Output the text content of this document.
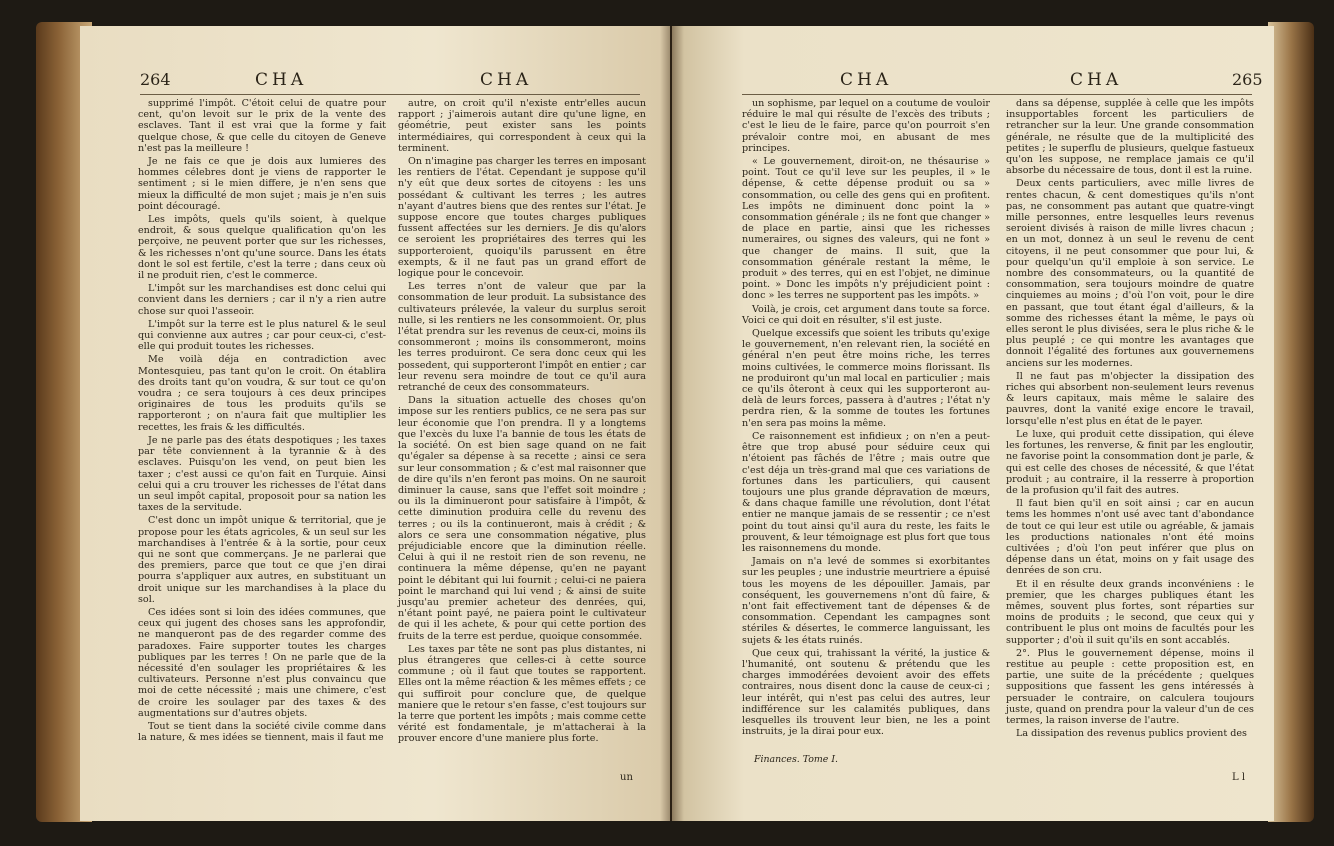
264	CHA	CHA

supprimé l'impôt. C'étoit celui de quatre pour cent, qu'on levoit sur le prix de la vente des esclaves. Tant il est vrai que la forme y fait quelque chose, & que celle du citoyen de Geneve n'est pas la meilleure !

Je ne fais ce que je dois aux lumieres des hommes célebres dont je viens de rapporter le sentiment ; si le mien differe, je n'en sens que mieux la difficulté de mon sujet ; mais je n'en suis point découragé.

Les impôts, quels qu'ils soient, à quelque endroit, & sous quelque qualification qu'on les perçoive, ne peuvent porter que sur les richesses, & les richesses n'ont qu'une source. Dans les états dont le sol est fertile, c'est la terre ; dans ceux où il ne produit rien, c'est le commerce.

L'impôt sur les marchandises est donc celui qui convient dans les derniers ; car il n'y a rien autre chose sur quoi l'asseoir.

L'impôt sur la terre est le plus naturel & le seul qui convienne aux autres ; car pour ceux-ci, c'est-elle qui produit toutes les richesses.

Me voilà déja en contradiction avec Montesquieu, pas tant qu'on le croit. On établira des droits tant qu'on voudra, & sur tout ce qu'on voudra ; ce sera toujours à ces deux principes originaires de tous les produits qu'ils se rapporteront ; on n'aura fait que multiplier les recettes, les frais & les difficultés.

Je ne parle pas des états despotiques ; les taxes par tête conviennent à la tyrannie & à des esclaves. Puisqu'on les vend, on peut bien les taxer ; c'est aussi ce qu'on fait en Turquie. Ainsi celui qui a cru trouver les richesses de l'état dans un seul impôt capital, proposoit pour sa nation les taxes de la servitude.

C'est donc un impôt unique & territorial, que je propose pour les états agricoles, & un seul sur les marchandises à l'entrée & à la sortie, pour ceux qui ne sont que commerçans. Je ne parlerai que des premiers, parce que tout ce que j'en dirai pourra s'appliquer aux autres, en substituant un droit unique sur les marchandises à la place du sol.

Ces idées sont si loin des idées communes, que ceux qui jugent des choses sans les approfondir, ne manqueront pas de des regarder comme des paradoxes. Faire supporter toutes les charges publiques par les terres ! On ne parle que de la nécessité d'en soulager les propriétaires & les cultivateurs. Personne n'est plus convaincu que moi de cette nécessité ; mais une chimere, c'est de croire les soulager par des taxes & des augmentations sur d'autres objets.

Tout se tient dans la société civile comme dans la nature, & mes idées se tiennent, mais il faut me

autre, on croit qu'il n'existe entr'elles aucun rapport ; j'aimerois autant dire qu'une ligne, en géométrie, peut exister sans les points intermédiaires, qui correspondent à ceux qui la terminent.

On n'imagine pas charger les terres en imposant les rentiers de l'état. Cependant je suppose qu'il n'y eût que deux sortes de citoyens : les uns possédant & cultivant les terres ; les autres n'ayant d'autres biens que des rentes sur l'état. Je suppose encore que toutes charges publiques fussent affectées sur les derniers. Je dis qu'alors ce seroient les propriétaires des terres qui les supporteroient, quoiqu'ils parussent en être exempts, & il ne faut pas un grand effort de logique pour le concevoir.

Les terres n'ont de valeur que par la consommation de leur produit. La subsistance des cultivateurs prélevée, la valeur du surplus seroit nulle, si les rentiers ne les consommoient. Or, plus l'état prendra sur les revenus de ceux-ci, moins ils consommeront ; moins ils consommeront, moins les terres produiront. Ce sera donc ceux qui les possedent, qui supporteront l'impôt en entier ; car leur revenu sera moindre de tout ce qu'il aura retranché de ceux des consommateurs.

Dans la situation actuelle des choses qu'on impose sur les rentiers publics, ce ne sera pas sur leur économie que l'on prendra. Il y a longtems que l'excès du luxe l'a bannie de tous les états de la société. On est bien sage quand on ne fait qu'égaler sa dépense à sa recette ; ainsi ce sera sur leur consommation ; & c'est mal raisonner que de dire qu'ils n'en feront pas moins. On ne sauroit diminuer la cause, sans que l'effet soit moindre ; ou ils la diminueront pour satisfaire à l'impôt, & cette diminution produira celle du revenu des terres ; ou ils la continueront, mais à crédit ; & alors ce sera une consommation négative, plus préjudiciable encore que la diminution réelle. Celui à qui il ne restoit rien de son revenu, ne continuera la même dépense, qu'en ne payant point le débitant qui lui fournit ; celui-ci ne paiera point le marchand qui lui vend ; & ainsi de suite jusqu'au premier acheteur des denrées, qui, n'étant point payé, ne paiera point le cultivateur de qui il les achete, & pour qui cette portion des fruits de la terre est perdue, quoique consommée.

Les taxes par tête ne sont pas plus distantes, ni plus étrangeres que celles-ci à cette source commune ; où il faut que toutes se rapportent. Elles ont la même réaction & les mêmes effets ; ce qui suffiroit pour conclure que, de quelque maniere que le retour s'en fasse, c'est toujours sur la terre que portent les impôts ; mais comme cette vérité est fondamentale, je m'attacherai à la prouver encore d'une maniere plus forte.

un
CHA	CHA	265

un sophisme, par lequel on a coutume de vouloir réduire le mal qui résulte de l'excès des tributs ; c'est le lieu de le faire, parce qu'on pourroit s'en prévaloir contre moi, en abusant de mes principes.

« Le gouvernement, diroit-on, ne thésaurise » point. Tout ce qu'il leve sur les peuples, il » le dépense, & cette dépense produit ou sa » consommation, ou celle des gens qui en profitent. Les impôts ne diminuent donc point la » consommation générale ; ils ne font que changer » de place en partie, ainsi que les richesses numeraires, ou signes des valeurs, qui ne font » que changer de mains. Il suit, que la consommation générale restant la même, le produit » des terres, qui en est l'objet, ne diminue point. » Donc les impôts n'y préjudicient point : donc » les terres ne supportent pas les impôts. »

Voilà, je crois, cet argument dans toute sa force. Voici ce qui doit en résulter, s'il est juste.

Quelque excessifs que soient les tributs qu'exige le gouvernement, n'en relevant rien, la société en général n'en peut être moins riche, les terres moins cultivées, le commerce moins florissant. Ils ne produiront qu'un mal local en particulier ; mais ce qu'ils ôteront à ceux qui les supporteront au-delà de leurs forces, passera à d'autres ; l'état n'y perdra rien, & la somme de toutes les fortunes n'en sera pas moins la même.

Ce raisonnement est infidieux ; on n'en a peut-être que trop abusé pour séduire ceux qui n'étoient pas fâchés de l'être ; mais outre que c'est déja un très-grand mal que ces variations de fortunes dans les particuliers, qui causent toujours une plus grande dépravation de mœurs, & dans chaque famille une révolution, dont l'état entier ne manque jamais de se ressentir ; ce n'est point du tout ainsi qu'il aura du reste, les faits le prouvent, & leur témoignage est plus fort que tous les raisonnemens du monde.

Jamais on n'a levé de sommes si exorbitantes sur les peuples ; une industrie meurtriere a épuisé tous les moyens de les dépouiller. Jamais, par conséquent, les gouvernemens n'ont dû faire, & n'ont fait effectivement tant de dépenses & de consommation. Cependant les campagnes sont stériles & désertes, le commerce languissant, les sujets & les états ruinés.

Que ceux qui, trahissant la vérité, la justice & l'humanité, ont soutenu & prétendu que les charges immodérées devoient avoir des effets contraires, nous disent donc la cause de ceux-ci ; leur intérêt, qui n'est pas celui des autres, leur indifférence sur les calamités publiques, dans lesquelles ils trouvent leur bien, ne les a point instruits, je la dirai pour eux.

dans sa dépense, supplée à celle que les impôts insupportables forcent les particuliers de retrancher sur la leur. Une grande consommation générale, ne résulte que de la multiplicité des petites ; le superflu de plusieurs, quelque fastueux qu'on les suppose, ne remplace jamais ce qu'il absorbe du nécessaire de tous, dont il est la ruine.

Deux cents particuliers, avec mille livres de rentes chacun, & cent domestiques qu'ils n'ont pas, ne consomment pas autant que quatre-vingt mille personnes, entre lesquelles leurs revenus seroient divisés à raison de mille livres chacun ; en un mot, donnez à un seul le revenu de cent citoyens, il ne peut consommer que pour lui, & pour quelqu'un qu'il emploie à son service. Le nombre des consommateurs, ou la quantité de consommation, sera toujours moindre de quatre cinquiemes au moins ; d'où l'on voit, pour le dire en passant, que tout étant égal d'ailleurs, & la somme des richesses étant la même, le pays où elles seront le plus divisées, sera le plus riche & le plus peuplé ; ce qui montre les avantages que donnoit l'égalité des fortunes aux gouvernemens anciens sur les modernes.

Il ne faut pas m'objecter la dissipation des riches qui absorbent non-seulement leurs revenus & leurs capitaux, mais même le salaire des pauvres, dont la vanité exige encore le travail, lorsqu'elle n'est plus en état de le payer.

Le luxe, qui produit cette dissipation, qui éleve les fortunes, les renverse, & finit par les engloutir, ne favorise point la consommation dont je parle, & qui est celle des choses de nécessité, & que l'état produit ; au contraire, il la resserre à proportion de la profusion qu'il fait des autres.

Il faut bien qu'il en soit ainsi ; car en aucun tems les hommes n'ont usé avec tant d'abondance de tout ce qui leur est utile ou agréable, & jamais les productions nationales n'ont été moins cultivées ; d'où l'on peut inférer que plus on dépense dans un état, moins on y fait usage des denrées de son cru.

Et il en résulte deux grands inconvéniens : le premier, que les charges publiques étant les mêmes, souvent plus fortes, sont réparties sur moins de produits ; le second, que ceux qui y contribuent le plus ont moins de facultés pour les supporter ; d'où il suit qu'ils en sont accablés.

2°. Plus le gouvernement dépense, moins il restitue au peuple : cette proposition est, en partie, une suite de la précédente ; quelques suppositions que fassent les gens intéressés à persuader le contraire, on calculera toujours juste, quand on prendra pour la valeur d'un de ces termes, la raison inverse de l'autre.

La dissipation des revenus publics provient des

Finances. Tome I.
L l
